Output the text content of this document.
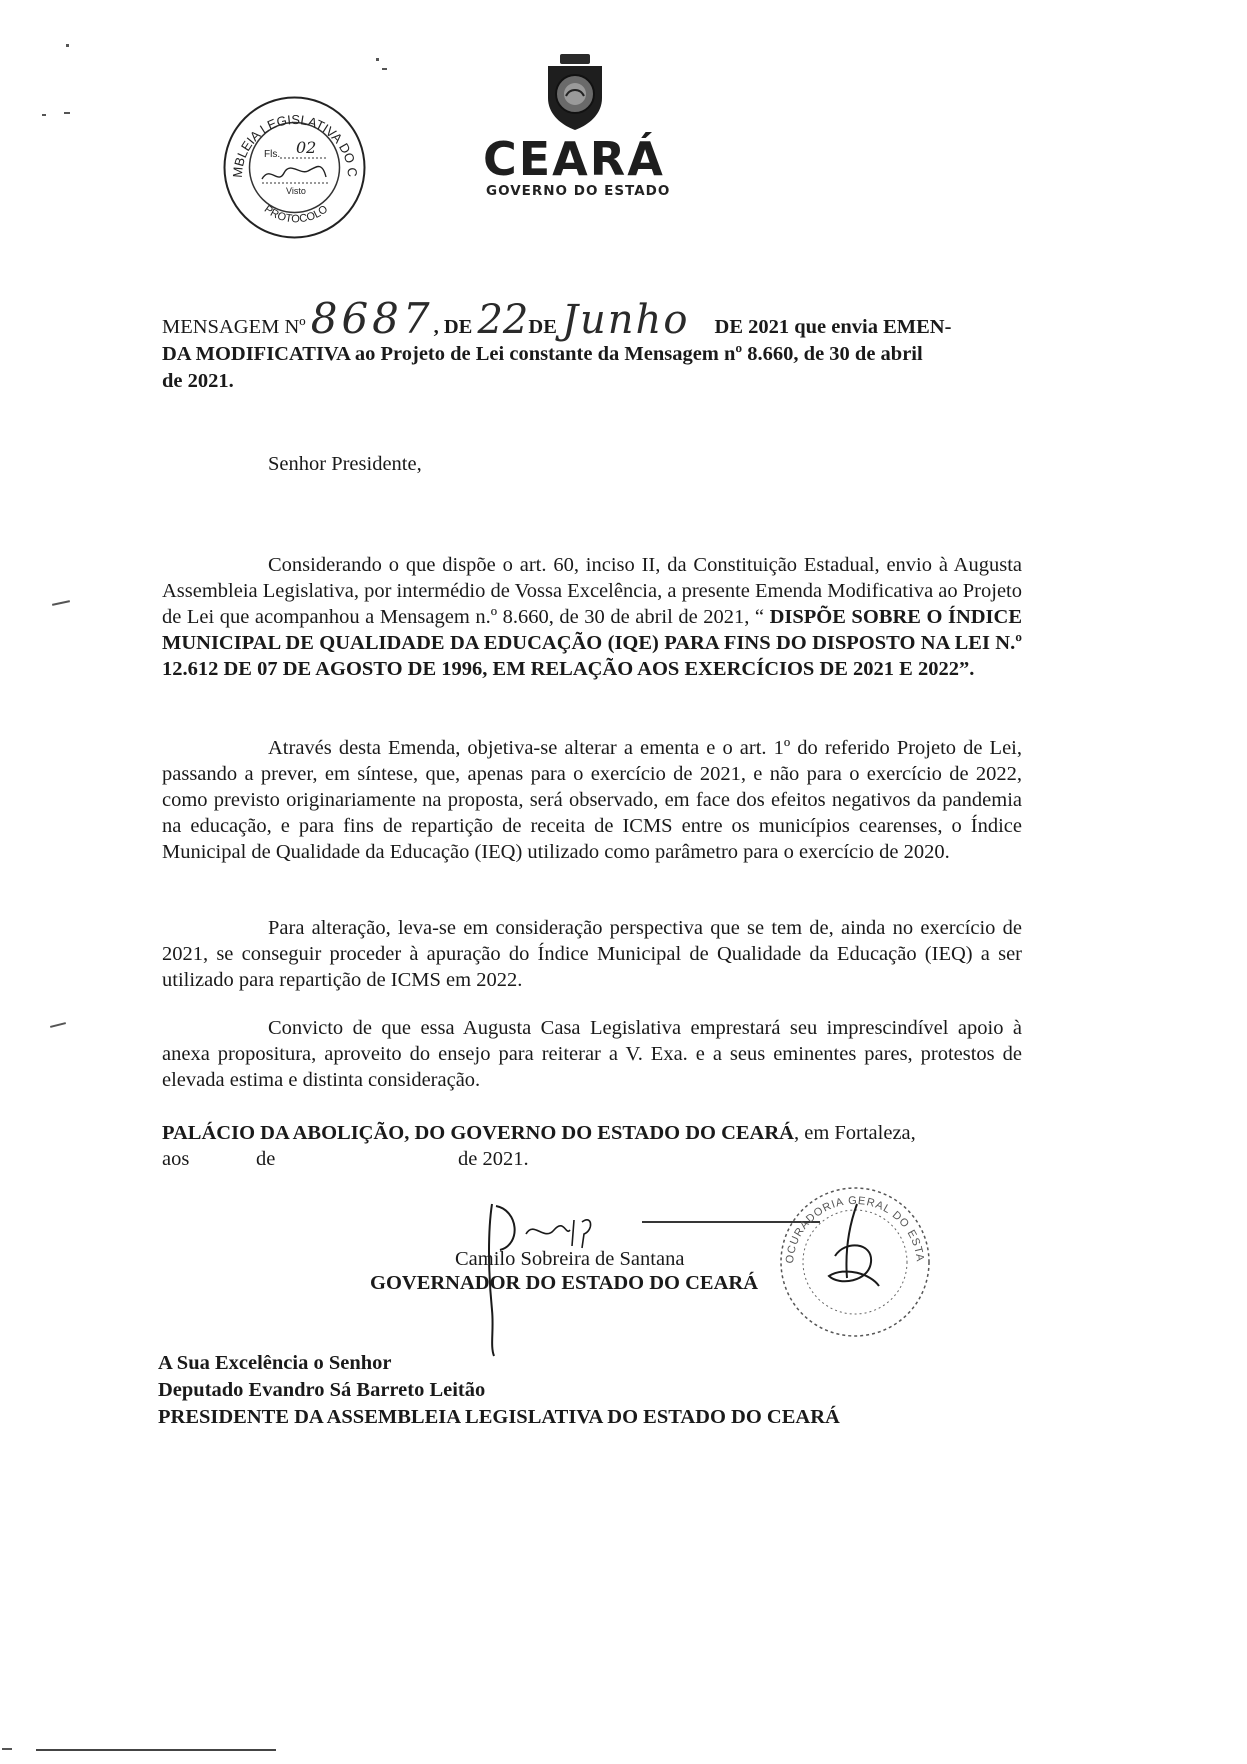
MBLEIA LEGISLATIVA DO C
PROTOCOLO
Fls. 02
Visto
CEARÁ
GOVERNO DO ESTADO
MENSAGEM Nº 8687, DE 22DE Junho DE 2021 que envia EMEN-
DA MODIFICATIVA ao Projeto de Lei constante da Mensagem nº 8.660, de 30 de abril
de 2021.
Senhor Presidente,
Considerando o que dispõe o art. 60, inciso II, da Constituição Estadual, envio à Augusta Assembleia Legislativa, por intermédio de Vossa Excelência, a presente Emenda Modificativa ao Projeto de Lei que acompanhou a Mensagem n.º 8.660, de 30 de abril de 2021, “ DISPÕE SOBRE O ÍNDICE MUNICIPAL DE QUALIDADE DA EDUCAÇÃO (IQE) PARA FINS DO DISPOSTO NA LEI N.º 12.612 DE 07 DE AGOSTO DE 1996, EM RELAÇÃO AOS EXERCÍCIOS DE 2021 E 2022”.
Através desta Emenda, objetiva-se alterar a ementa e o art. 1º do referido Projeto de Lei, passando a prever, em síntese, que, apenas para o exercício de 2021, e não para o exercício de 2022, como previsto originariamente na proposta, será observado, em face dos efeitos negativos da pandemia na educação, e para fins de repartição de receita de ICMS entre os municípios cearenses, o Índice Municipal de Qualidade da Educação (IEQ) utilizado como parâmetro para o exercício de 2020.
Para alteração, leva-se em consideração perspectiva que se tem de, ainda no exercício de 2021, se conseguir proceder à apuração do Índice Municipal de Qualidade da Educação (IEQ) a ser utilizado para repartição de ICMS em 2022.
Convicto de que essa Augusta Casa Legislativa emprestará seu imprescindível apoio à anexa propositura, aproveito do ensejo para reiterar a V. Exa. e a seus eminentes pares, protestos de elevada estima e distinta consideração.
PALÁCIO DA ABOLIÇÃO, DO GOVERNO DO ESTADO DO CEARÁ, em Fortaleza,
aos	de	de 2021.
Camilo Sobreira de Santana
GOVERNADOR DO ESTADO DO CEARÁ
OCURADORIA GERAL DO ESTA
A Sua Excelência o Senhor
Deputado Evandro Sá Barreto Leitão
PRESIDENTE DA ASSEMBLEIA LEGISLATIVA DO ESTADO DO CEARÁ
